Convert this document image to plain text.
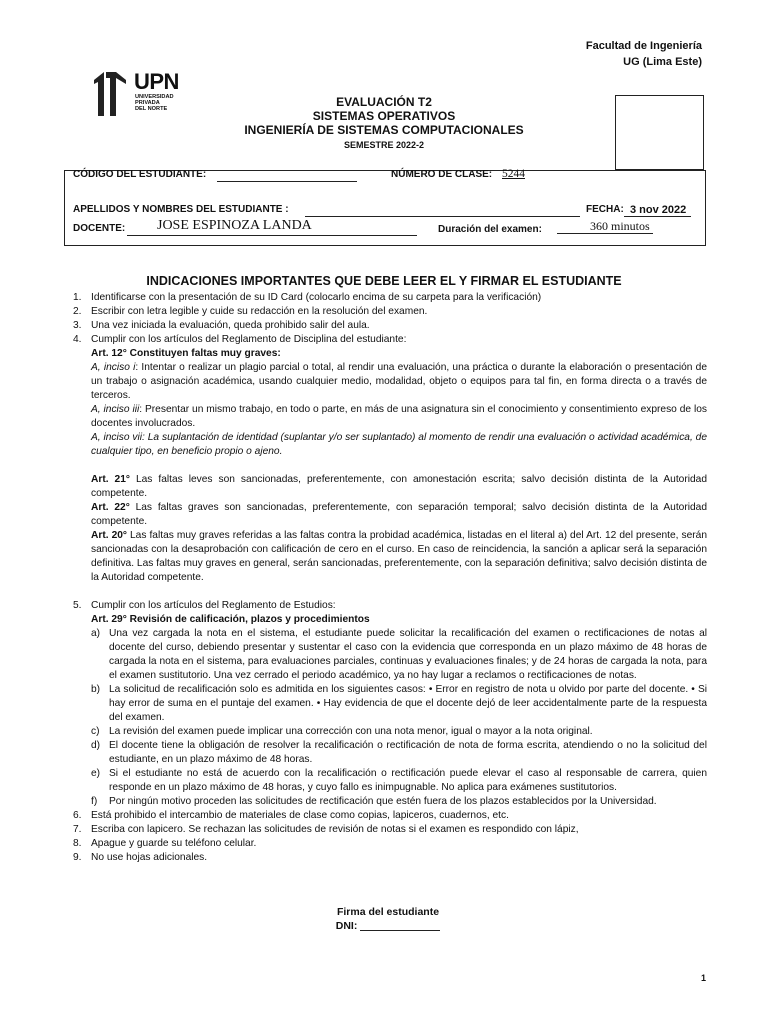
Facultad de Ingeniería
UG (Lima Este)
UPN
UNIVERSIDAD
PRIVADA
DEL NORTE	EVALUACIÓN T2
SISTEMAS OPERATIVOS
INGENIERÍA DE SISTEMAS COMPUTACIONALES
SEMESTRE 2022-2
CÓDIGO DEL ESTUDIANTE:	NÚMERO DE CLASE: 5244
APELLIDOS Y NOMBRES DEL ESTUDIANTE :	FECHA: 3 nov 2022
DOCENTE: JOSE ESPINOZA LANDA	Duración del examen:	360 minutos
INDICACIONES IMPORTANTES QUE DEBE LEER EL Y FIRMAR EL ESTUDIANTE

1. Identificarse con la presentación de su ID Card (colocarlo encima de su carpeta para la verificación)

2. Escribir con letra legible y cuide su redacción en la resolución del examen.

3. Una vez iniciada la evaluación, queda prohibido salir del aula.

4. Cumplir con los artículos del Reglamento de Disciplina del estudiante:

Art. 12° Constituyen faltas muy graves:

A, inciso i: Intentar o realizar un plagio parcial o total, al rendir una evaluación, una práctica o durante la elaboración o presentación de un trabajo o asignación académica, usando cualquier medio, modalidad, objeto o equipos para tal fin, en forma directa o a través de terceros.

A, inciso iii: Presentar un mismo trabajo, en todo o parte, en más de una asignatura sin el conocimiento y consentimiento expreso de los docentes involucrados.

A, inciso vii: La suplantación de identidad (suplantar y/o ser suplantado) al momento de rendir una evaluación o actividad académica, de cualquier tipo, en beneficio propio o ajeno.

Art. 21° Las faltas leves son sancionadas, preferentemente, con amonestación escrita; salvo decisión distinta de la Autoridad competente.

Art. 22° Las faltas graves son sancionadas, preferentemente, con separación temporal; salvo decisión distinta de la Autoridad competente.

Art. 20° Las faltas muy graves referidas a las faltas contra la probidad académica, listadas en el literal a) del Art. 12 del presente, serán sancionadas con la desaprobación con calificación de cero en el curso. En caso de reincidencia, la sanción a aplicar será la separación definitiva. Las faltas muy graves en general, serán sancionadas, preferentemente, con la separación definitiva; salvo decisión distinta de la Autoridad competente.

5. Cumplir con los artículos del Reglamento de Estudios:

Art. 29° Revisión de calificación, plazos y procedimientos

a) Una vez cargada la nota en el sistema, el estudiante puede solicitar la recalificación del examen o rectificaciones de notas al docente del curso, debiendo presentar y sustentar el caso con la evidencia que corresponda en un plazo máximo de 48 horas de cargada la nota en el sistema, para evaluaciones parciales, continuas y evaluaciones finales; y de 24 horas de cargada la nota, para el examen sustitutorio. Una vez cerrado el periodo académico, ya no hay lugar a reclamos o rectificaciones de notas.

b) La solicitud de recalificación solo es admitida en los siguientes casos: • Error en registro de nota u olvido por parte del docente. • Si hay error de suma en el puntaje del examen. • Hay evidencia de que el docente dejó de leer accidentalmente parte de la respuesta del examen.

c) La revisión del examen puede implicar una corrección con una nota menor, igual o mayor a la nota original.

d) El docente tiene la obligación de resolver la recalificación o rectificación de nota de forma escrita, atendiendo o no la solicitud del estudiante, en un plazo máximo de 48 horas.

e) Si el estudiante no está de acuerdo con la recalificación o rectificación puede elevar el caso al responsable de carrera, quien responde en un plazo máximo de 48 horas, y cuyo fallo es inimpugnable. No aplica para exámenes sustitutorios.

f) Por ningún motivo proceden las solicitudes de rectificación que estén fuera de los plazos establecidos por la Universidad.

6. Está prohibido el intercambio de materiales de clase como copias, lapiceros, cuadernos, etc.

7. Escriba con lapicero. Se rechazan las solicitudes de revisión de notas si el examen es respondido con lápiz,

8. Apague y guarde su teléfono celular.

9. No use hojas adicionales.

Firma del estudiante
DNI:
1
